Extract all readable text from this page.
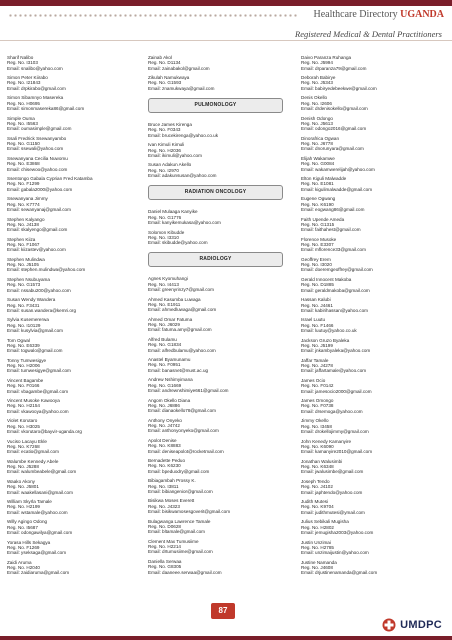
Healthcare Directory UGANDA
Registered Medical & Dental Practitioners
Sharif Nalibo
Reg. No. I3103
Email: snalibo@yahoo.com
Simon Peter Kiirabo
Reg. No. I21843
Email: drpkirabo@gmail.com
Simon Sibamnyo Masereka
Reg. No. H0695
Email: simonmasereka86@gmail.com
Simple Ouma
Reg. No. I5563
Email: oumasimple@gmail.com
Ssali Fredrick Ssewanyambo
Reg. No. G1150
Email: ssewali@yahoo.com
Ssewanyana Cecilia Nuwomu
Reg. No. E3868
Email: chisewoo@yahoo.com
Ssentongo Gabala Cyprian Fred Katamba
Reg. No. F1299
Email: gabala2000@yahoo.com
Ssewanyana Jimmy
Reg. No. K7774
Email: sewanyanaj@gmail.com
Stephen Kalyango
Reg. No. J4138
Email: skalyengo@gmail.com
Stephen Kiiza
Reg. No. F1067
Email: kiizastev@yahoo.com
Stephen Mulindwa
Reg. No. J5105
Email: stephen.mulindwa@yahoo.com
Stephen Nsubuyama
Reg. No. G1573
Email: nssabu200@yahoo.com
Susan Wendy Wandera
Reg. No. F3431
Email: susan.wandera@kemri.org
Sylvia Kusemererwa
Reg. No. I10129
Email: kusylvia@gmail.com
Tom Ogwal
Reg. No. E6339
Email: togwalo@gmail.com
Tonny Tumwesigye
Reg. No. H2006
Email: tumwesigye@gmail.com
Vincent Bagambe
Reg. No. F0166
Email: vbagambe@gmail.com
Vincent Musoke Kawooya
Reg. No. H2154
Email: vkawooya@yahoo.com
Violet Korutaro
Reg. No. H3025
Email: vkorutaro@bayvir-uganda.org
Vuciso Lacayu Ekle
Reg. No. K7268
Email: ecatio@gmail.com
Walumbe Kennedy Abele
Reg. No. J5288
Email: walumbeabele@gmail.com
Waako Akony
Reg. No. J5801
Email: waakellasani@gmail.com
William Skyrla Tamale
Reg. No. H2199
Email: wstamale@yahoo.com
Willy Agingo Odong
Reg. No. I5687
Email: odongawilya@gmail.com
Yorasa Hills Sekagya
Reg. No. F1269
Email: yseksaga@gmail.com
Zaidi Aruma
Reg. No. H2040
Email: zaidiaruma@gmail.com
Zainab Akol
Reg. No. D1134
Email: zainabakol@gmail.com
Zikulah Namukwaya
Reg. No. G1593
Email: znamukwaya@gmail.com
PULMONOLOGY
Bruce James Kirenga
Reg. No. F0343
Email: brucekirenga@yahoo.co.uk
Ivan Kimuli Kimuli
Reg. No. H2036
Email: ikimuli@yahoo.com
Susan Adakun Akello
Reg. No. I2970
Email: adakunsusan@yahoo.com
RADIATION ONCOLOGY
Daniel Mulaaga Kanyike
Reg. No. G1776
Email: kanyikemukasa@yahoo.com
Solomon Kibudde
Reg. No. I3310
Email: skibudde@yahoo.com
RADIOLOGY
Agnes Kyomuhangi
Reg. No. I4413
Email: greenyrinzy7@gmail.com
Ahmed Kasumba Luwaga
Reg. No. E1911
Email: ahmedluwaga@gmail.com
Ahmed Omar Fatuma
Reg. No. J6029
Email: fatuma.amy@gmail.com
Alfred Bulamu
Reg. No. G1834
Email: alfredbulamu@yahoo.com
Anastel Byamunamu
Reg. No. F0951
Email: banasnet@must.ac.ug
Andrew Nshimyimana
Reg. No. G1669
Email: andrewnshimiye661@gmail.com
Angom Okello Diana
Reg. No. J6886
Email: dianaokello78@gmail.com
Anthony Onyeko
Reg. No. J4742
Email: anthonyonyeko@gmail.com
Apolot Denise
Reg. No. K8883
Email: deniseapolot@rocketmail.com
Bernadette Peduo
Reg. No. K6230
Email: bpeduodry@gmail.com
Bibiagambah Prossy K.
Reg. No. I3811
Email: bibiangenior@gmail.com
Bisikwa Moses Everett
Reg. No. J4323
Email: bisikwamosesgoverit@gmail.com
Bulagwanga Lawrence Tamale
Reg. No. D0628
Email: bltamale@gmail.com
Clement Max Tumusiime
Reg. No. H2214
Email: drtumusiime@gmail.com
Daniella Serwaa
Reg. No. G8305
Email: daaneee.serwaa@gmail.com
Daivo Paranza Ruhanga
Reg. No. J5994
Email: drparanza79@gmail.com
Deborah Babirye
Reg. No. J5343
Email: babiryedebeekwe@gmail.com
Denis Okello
Reg. No. I2606
Email: drdenisokello@gmail.com
Denish Odongo
Reg. No. J5613
Email: odongo2016@gmail.com
Dinorafrica Ogwan
Reg. No. J6778
Email: dnorunyara@gmail.com
Elijah Wakamwe
Reg. No. G0084
Email: wakamwerelijah@yahoo.com
Elton Kiguli Malwadde
Reg. No. E1081
Email: kigulimalwadde@gmail.com
Eugene Ogwang
Reg. No. K6190
Email: eogwang86@gmail.com
Faith Upende Ameda
Reg. No. G1315
Email: faithahest@gmail.com
Florence Musoke
Reg. No. E3307
Email: mflorence33@gmail.com
Geoffrey Erem
Reg. No. I3020
Email: doeremgeoffrey@gmail.com
Gerald Innocent Makoba
Reg. No. D1885
Email: geraldmakoba@gmail.com
Hassan Kalubi
Reg. No. J4461
Email: kabirihassan@yahoo.com
Israel Luutu
Reg. No. F1466
Email: luutuy@yahoo.co.uk
Jackson Gruzo Byaleka
Reg. No. J5199
Email: jnkambyaleka@yahoo.com
Jaffar Tamale
Reg. No. J4278
Email: jaffartamale@yahoo.com
James Ocio
Reg. No. F0142
Email: jamesocio2000@gmail.com
James Omongo
Reg. No. F0738
Email: drsemoga@yahoo.com
Jimmy Okello
Reg. No. I3458
Email: drokellojimmy@gmail.com
John Kenedy Kamanyire
Reg. No. K6090
Email: kamanyire2010@gmail.com
Jonathan Walusimbi
Reg. No. K6348
Email: jwalusimbe@gmail.com
Joseph Tendo
Reg. No. J4102
Email: japhtendo@yahoo.com
Judith Mutesi
Reg. No. K9704
Email: judithmutesi@ymail.com
Julius Sebikali Mugisha
Reg. No. H2802
Email: jemugisha2003@yahoo.com
Justin Unzimai
Reg. No. H2785
Email: unzimaijustin@yahoo.com
Justine Namanda
Reg. No. J4608
Email: drjustinenamanda@gmail.com
87
UMDPC
